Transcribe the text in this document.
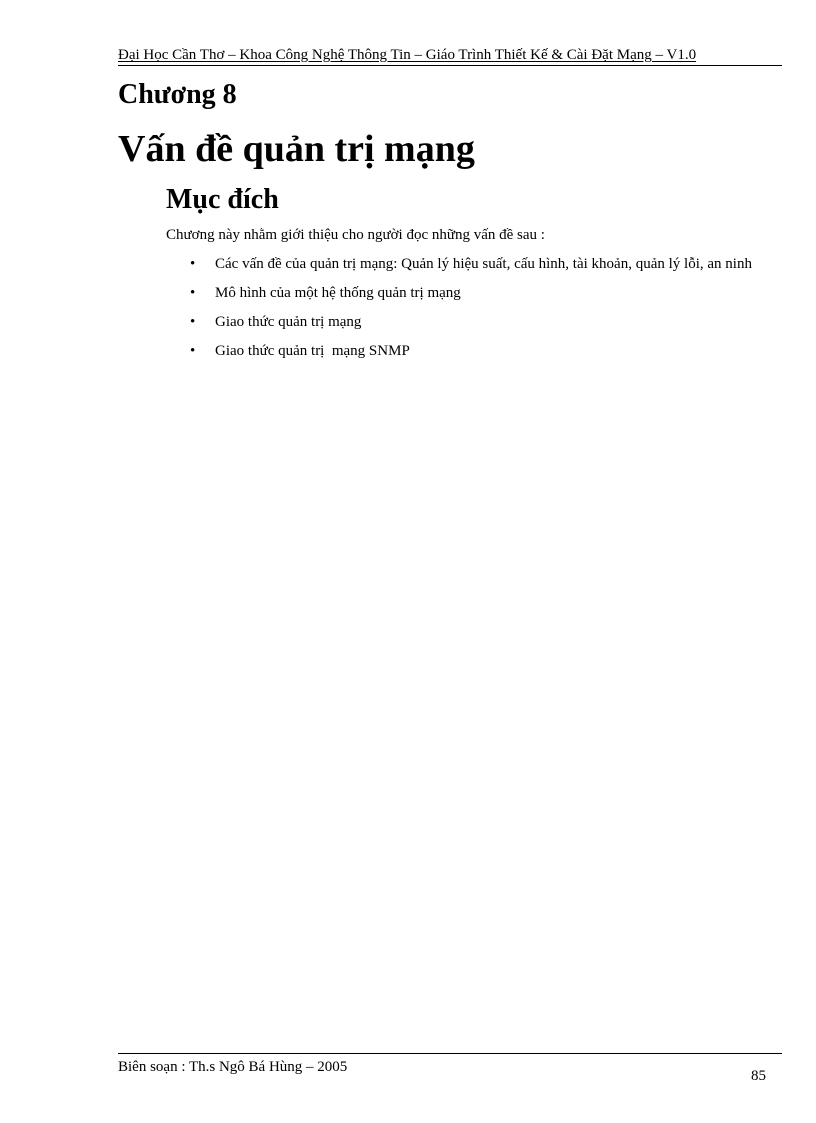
Đại Học Cần Thơ – Khoa Công Nghệ Thông Tin – Giáo Trình Thiết Kế & Cài Đặt Mạng – V1.0
Chương 8
Vấn đề quản trị mạng
Mục đích

Chương này nhằm giới thiệu cho người đọc những vấn đề sau :

• Các vấn đề của quản trị mạng: Quản lý hiệu suất, cấu hình, tài khoản, quản lý lỗi, an ninh
• Mô hình của một hệ thống quản trị mạng
• Giao thức quản trị mạng
• Giao thức quản trị  mạng SNMP
Biên soạn : Th.s Ngô Bá Hùng – 2005
85
